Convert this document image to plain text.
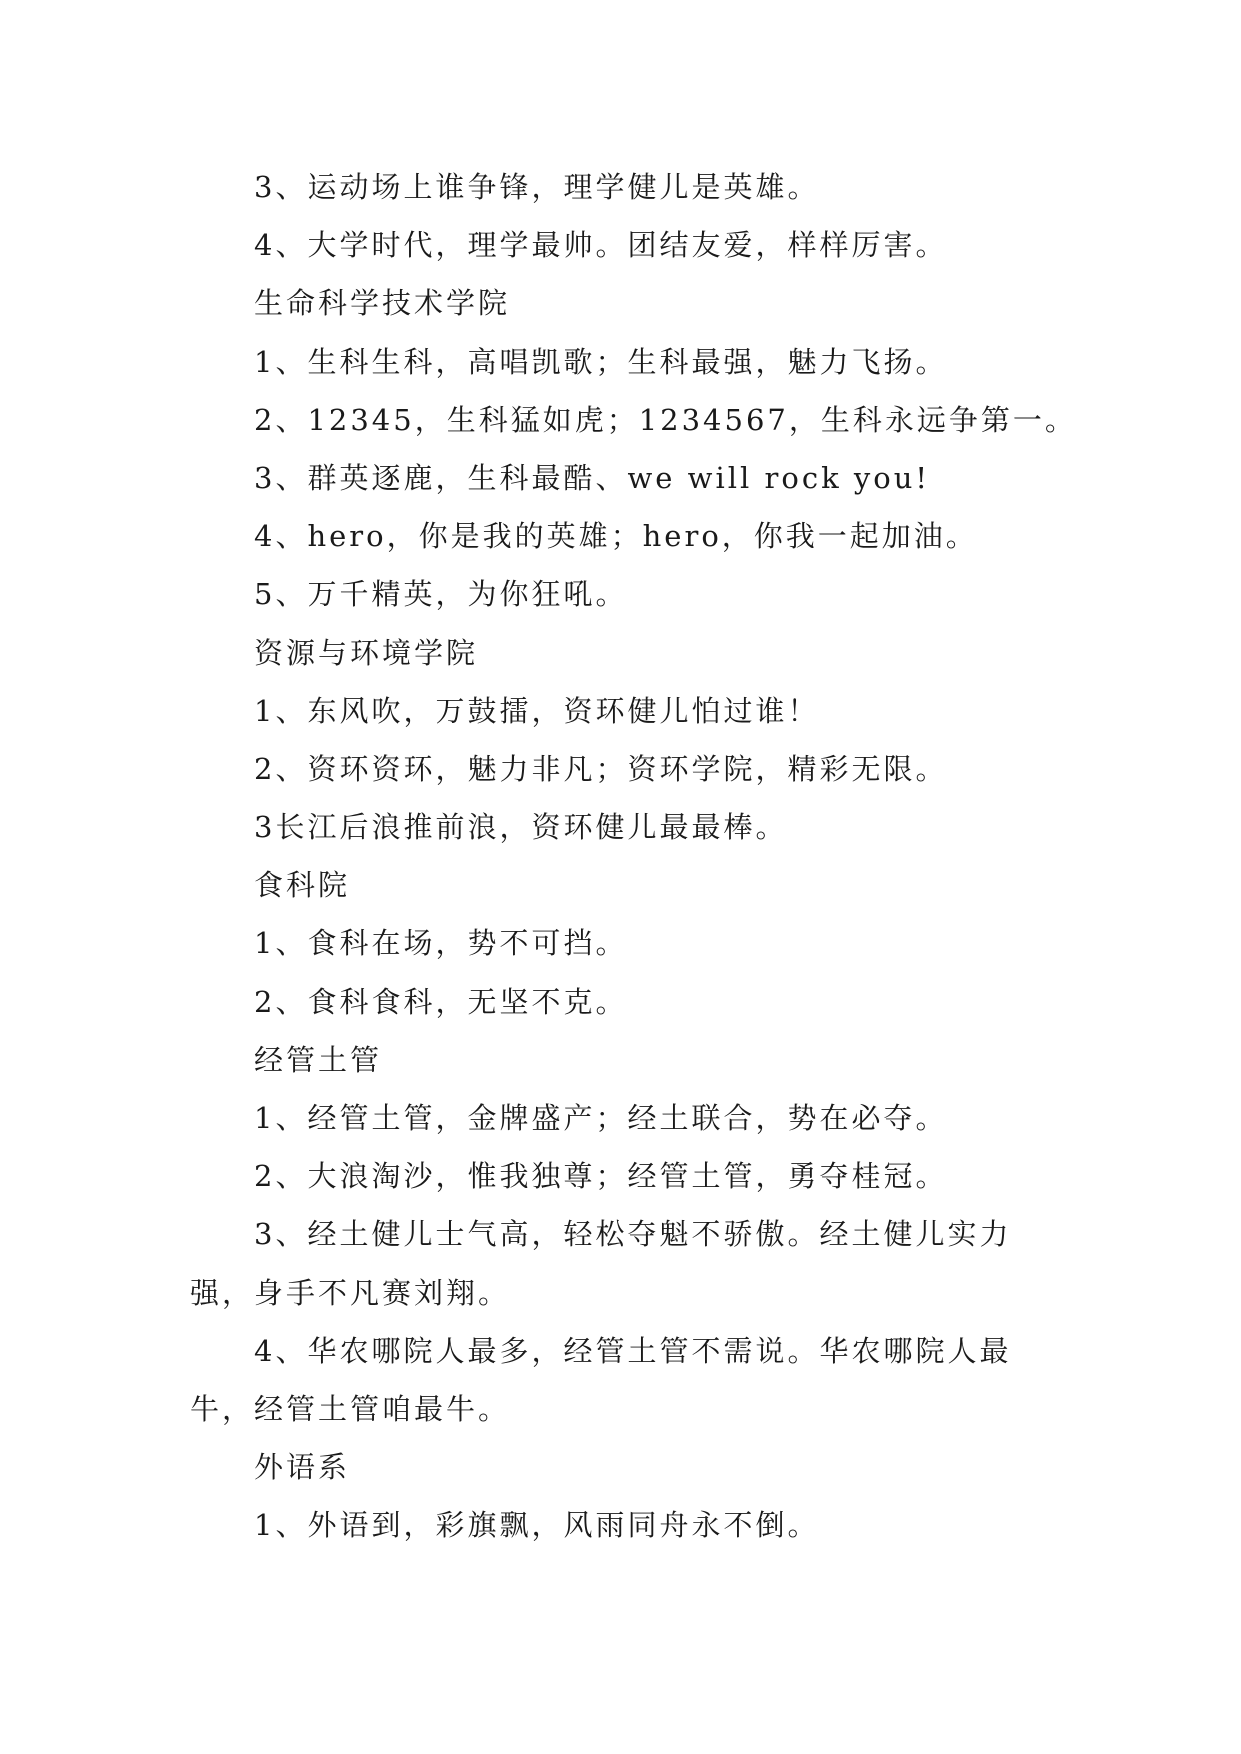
3、运动场上谁争锋，理学健儿是英雄。
4、大学时代，理学最帅。团结友爱，样样厉害。
生命科学技术学院
1、生科生科，高唱凯歌；生科最强，魅力飞扬。
2、12345，生科猛如虎；1234567，生科永远争第一。
3、群英逐鹿，生科最酷、we will rock you!
4、hero，你是我的英雄；hero，你我一起加油。
5、万千精英，为你狂吼。
资源与环境学院
1、东风吹，万鼓擂，资环健儿怕过谁！
2、资环资环，魅力非凡；资环学院，精彩无限。
3长江后浪推前浪，资环健儿最最棒。
食科院
1、食科在场，势不可挡。
2、食科食科，无坚不克。
经管土管
1、经管土管，金牌盛产；经土联合，势在必夺。
2、大浪淘沙，惟我独尊；经管土管，勇夺桂冠。
3、经土健儿士气高，轻松夺魁不骄傲。经土健儿实力强，身手不凡赛刘翔。
4、华农哪院人最多，经管土管不需说。华农哪院人最牛，经管土管咱最牛。
外语系
1、外语到，彩旗飘，风雨同舟永不倒。
